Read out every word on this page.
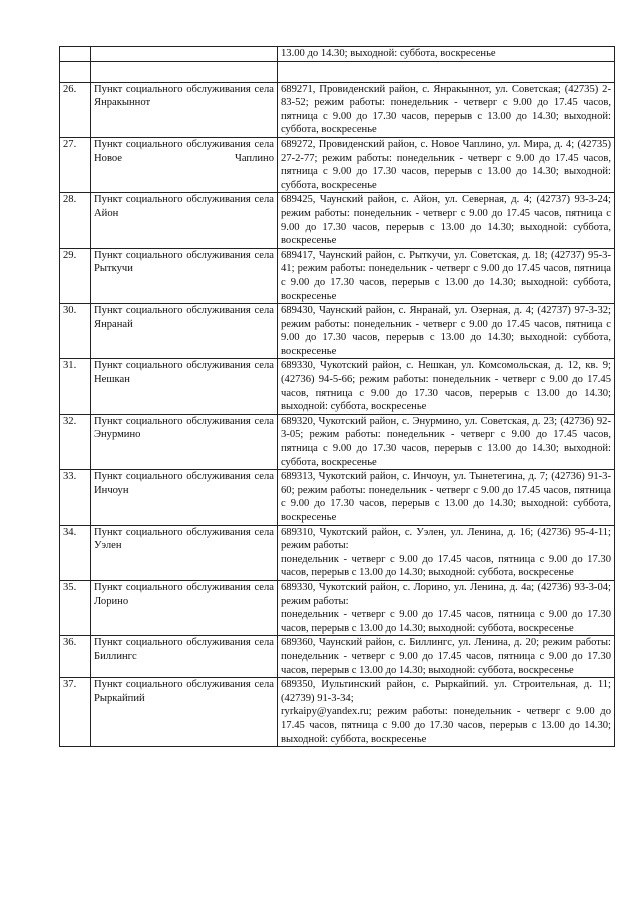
		13.00 до 14.30; выходной: суббота, воскресенье

26.	Пункт социального обслуживания села Янракыннот	689271, Провиденский район, с. Янракыннот, ул. Советская; (42735) 2-83-52; режим работы: понедельник - четверг с 9.00 до 17.45 часов, пятница с 9.00 до 17.30 часов, перерыв с 13.00 до 14.30; выходной: суббота, воскресенье

27.	Пункт социального обслуживания села Новое Чаплино	689272, Провиденский район, с. Новое Чаплино, ул. Мира, д. 4; (42735) 27-2-77; режим работы: понедельник - четверг с 9.00 до 17.45 часов, пятница с 9.00 до 17.30 часов, перерыв с 13.00 до 14.30; выходной: суббота, воскресенье

28.	Пункт социального обслуживания села Айон	689425, Чаунский район, с. Айон, ул. Северная, д. 4; (42737) 93-3-24; режим работы: понедельник - четверг с 9.00 до 17.45 часов, пятница с 9.00 до 17.30 часов, перерыв с 13.00 до 14.30; выходной: суббота, воскресенье

29.	Пункт социального обслуживания села Рыткучи	689417, Чаунский район, с. Рыткучи, ул. Советская, д. 18; (42737) 95-3-41; режим работы: понедельник - четверг с 9.00 до 17.45 часов, пятница с 9.00 до 17.30 часов, перерыв с 13.00 до 14.30; выходной: суббота, воскресенье

30.	Пункт социального обслуживания села Янранай	689430, Чаунский район, с. Янранай, ул. Озерная, д. 4; (42737) 97-3-32; режим работы: понедельник - четверг с 9.00 до 17.45 часов, пятница с 9.00 до 17.30 часов, перерыв с 13.00 до 14.30; выходной: суббота, воскресенье

31.	Пункт социального обслуживания села Нешкан	689330, Чукотский район, с. Нешкан, ул. Комсомольская, д. 12, кв. 9; (42736) 94-5-66; режим работы: понедельник - четверг с 9.00 до 17.45 часов, пятница с 9.00 до 17.30 часов, перерыв с 13.00 до 14.30; выходной: суббота, воскресенье

32.	Пункт социального обслуживания села Энурмино	689320, Чукотский район, с. Энурмино, ул. Советская, д. 23; (42736) 92-3-05; режим работы: понедельник - четверг с 9.00 до 17.45 часов, пятница с 9.00 до 17.30 часов, перерыв с 13.00 до 14.30; выходной: суббота, воскресенье

33.	Пункт социального обслуживания села Инчоун	689313, Чукотский район, с. Инчоун, ул. Тынетегина, д. 7; (42736) 91-3-60; режим работы: понедельник - четверг с 9.00 до 17.45 часов, пятница с 9.00 до 17.30 часов, перерыв с 13.00 до 14.30; выходной: суббота, воскресенье

34.	Пункт социального обслуживания села Уэлен	689310, Чукотский район, с. Уэлен, ул. Ленина, д. 16; (42736) 95-4-11; режим работы:
понедельник - четверг с 9.00 до 17.45 часов, пятница с 9.00 до 17.30 часов, перерыв с 13.00 до 14.30; выходной: суббота, воскресенье

35.	Пункт социального обслуживания села Лорино	689330, Чукотский район, с. Лорино, ул. Ленина, д. 4а; (42736) 93-3-04; режим работы:
понедельник - четверг с 9.00 до 17.45 часов, пятница с 9.00 до 17.30 часов, перерыв с 13.00 до 14.30; выходной: суббота, воскресенье

36.	Пункт социального обслуживания села Биллингс	689360, Чаунский район, с. Биллингс, ул. Ленина, д. 20; режим работы: понедельник - четверг с 9.00 до 17.45 часов, пятница с 9.00 до 17.30 часов, перерыв с 13.00 до 14.30; выходной: суббота, воскресенье

37.	Пункт социального обслуживания села Рыркайпий	689350, Иультинский район, с. Рыркайпий. ул. Строительная, д. 11; (42739) 91-3-34;
ryrkaipy@yandex.ru; режим работы: понедельник - четверг с 9.00 до 17.45 часов, пятница с 9.00 до 17.30 часов, перерыв с 13.00 до 14.30; выходной: суббота, воскресенье
